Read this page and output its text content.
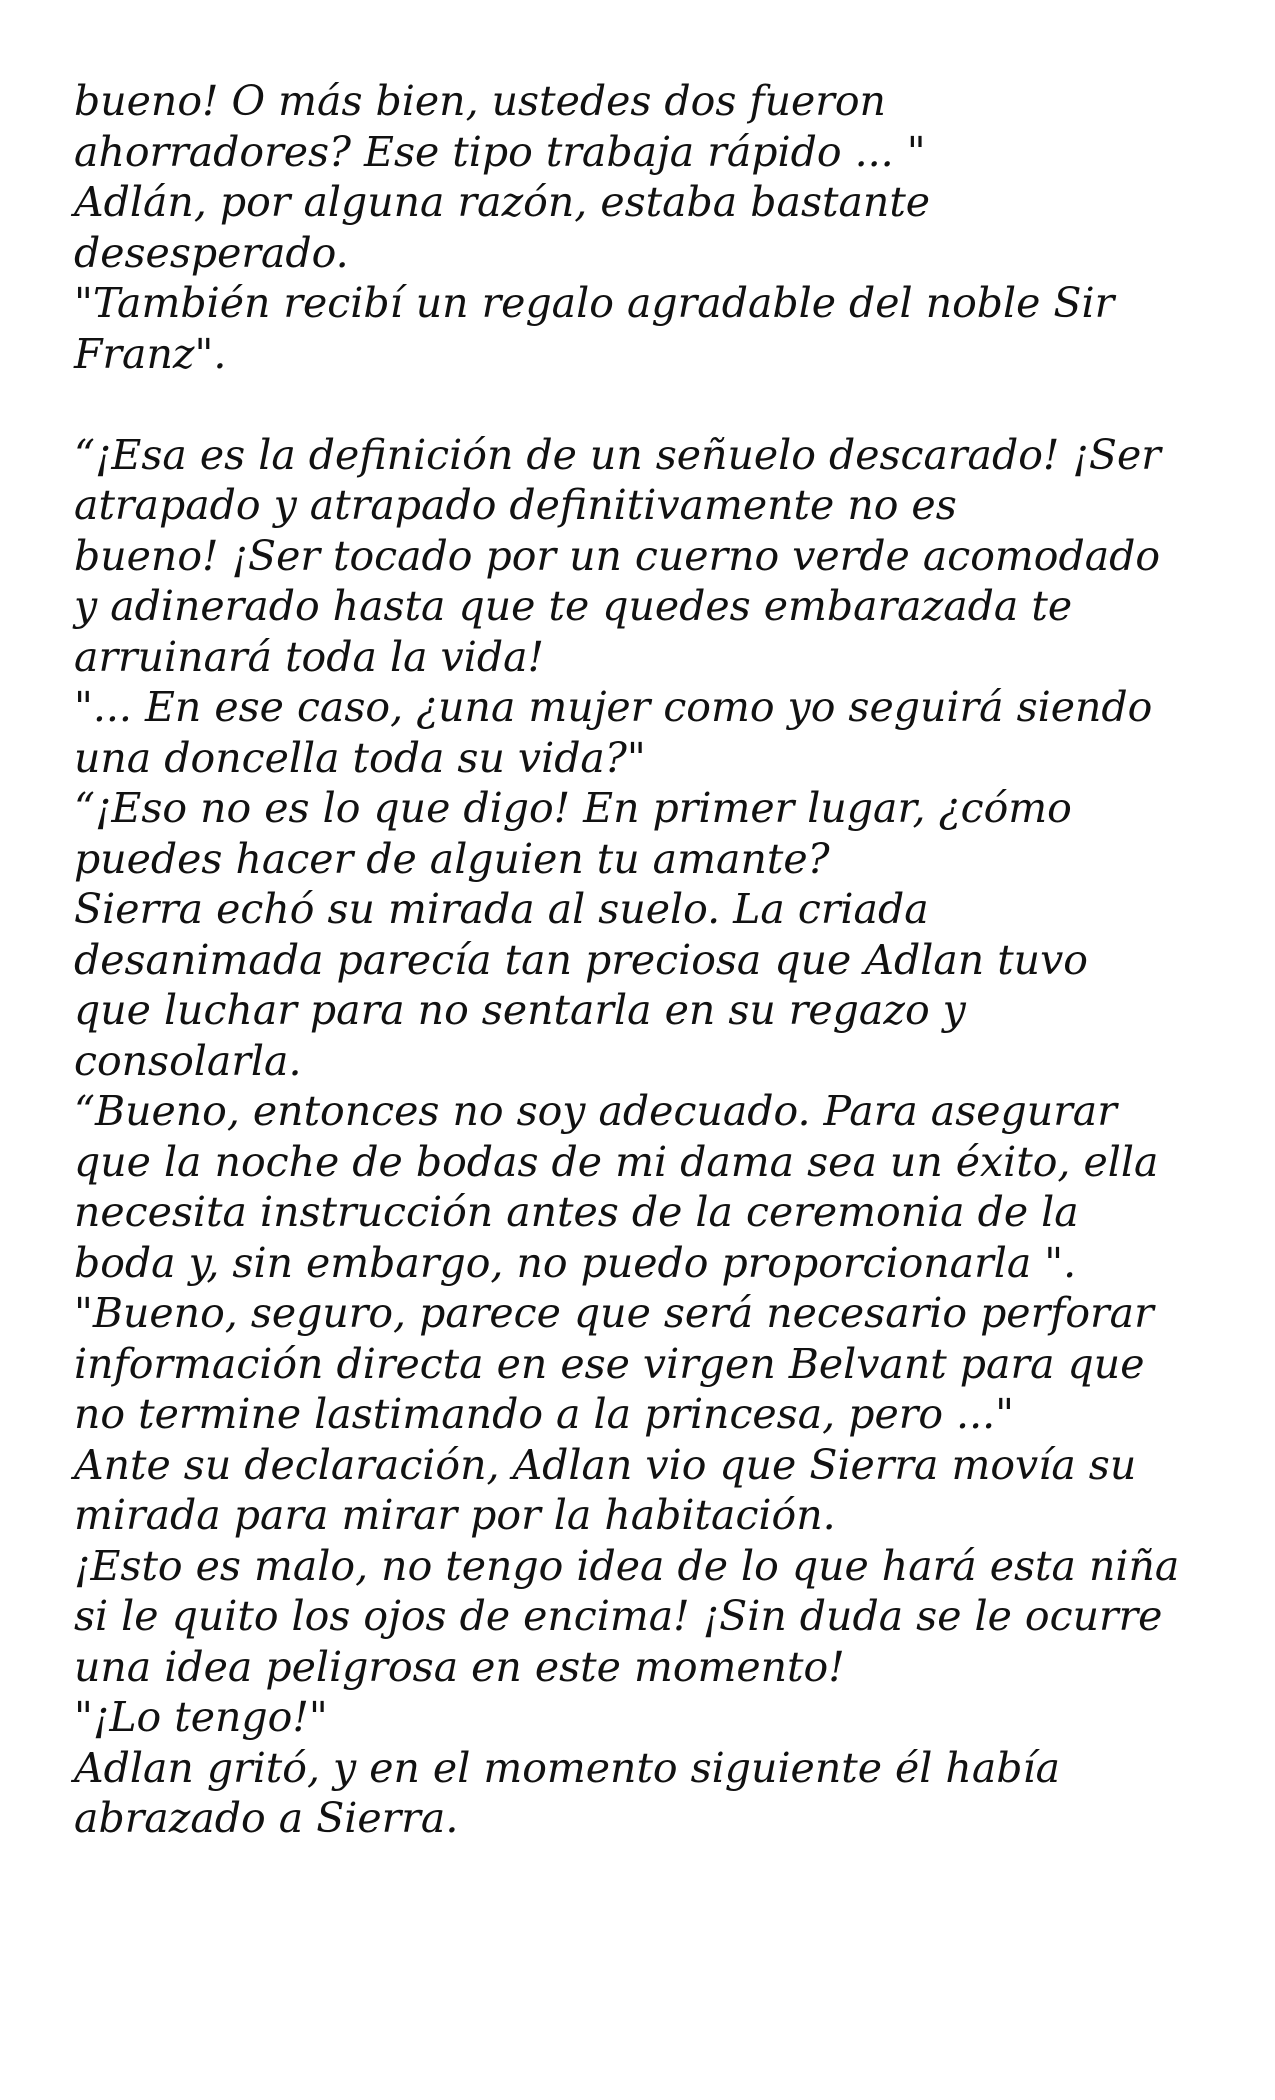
bueno! O más bien, ustedes dos fueron
ahorradores? Ese tipo trabaja rápido ... "
Adlán, por alguna razón, estaba bastante
desesperado.
"También recibí un regalo agradable del noble Sir
Franz".
“¡Esa es la definición de un señuelo descarado! ¡Ser
atrapado y atrapado definitivamente no es
bueno! ¡Ser tocado por un cuerno verde acomodado
y adinerado hasta que te quedes embarazada te
arruinará toda la vida!
"... En ese caso, ¿una mujer como yo seguirá siendo
una doncella toda su vida?"
“¡Eso no es lo que digo! En primer lugar, ¿cómo
puedes hacer de alguien tu amante?
Sierra echó su mirada al suelo. La criada
desanimada parecía tan preciosa que Adlan tuvo
que luchar para no sentarla en su regazo y
consolarla.
“Bueno, entonces no soy adecuado. Para asegurar
que la noche de bodas de mi dama sea un éxito, ella
necesita instrucción antes de la ceremonia de la
boda y, sin embargo, no puedo proporcionarla ".
"Bueno, seguro, parece que será necesario perforar
información directa en ese virgen Belvant para que
no termine lastimando a la princesa, pero ..."
Ante su declaración, Adlan vio que Sierra movía su
mirada para mirar por la habitación.
¡Esto es malo, no tengo idea de lo que hará esta niña
si le quito los ojos de encima! ¡Sin duda se le ocurre
una idea peligrosa en este momento!
"¡Lo tengo!"
Adlan gritó, y en el momento siguiente él había
abrazado a Sierra.
